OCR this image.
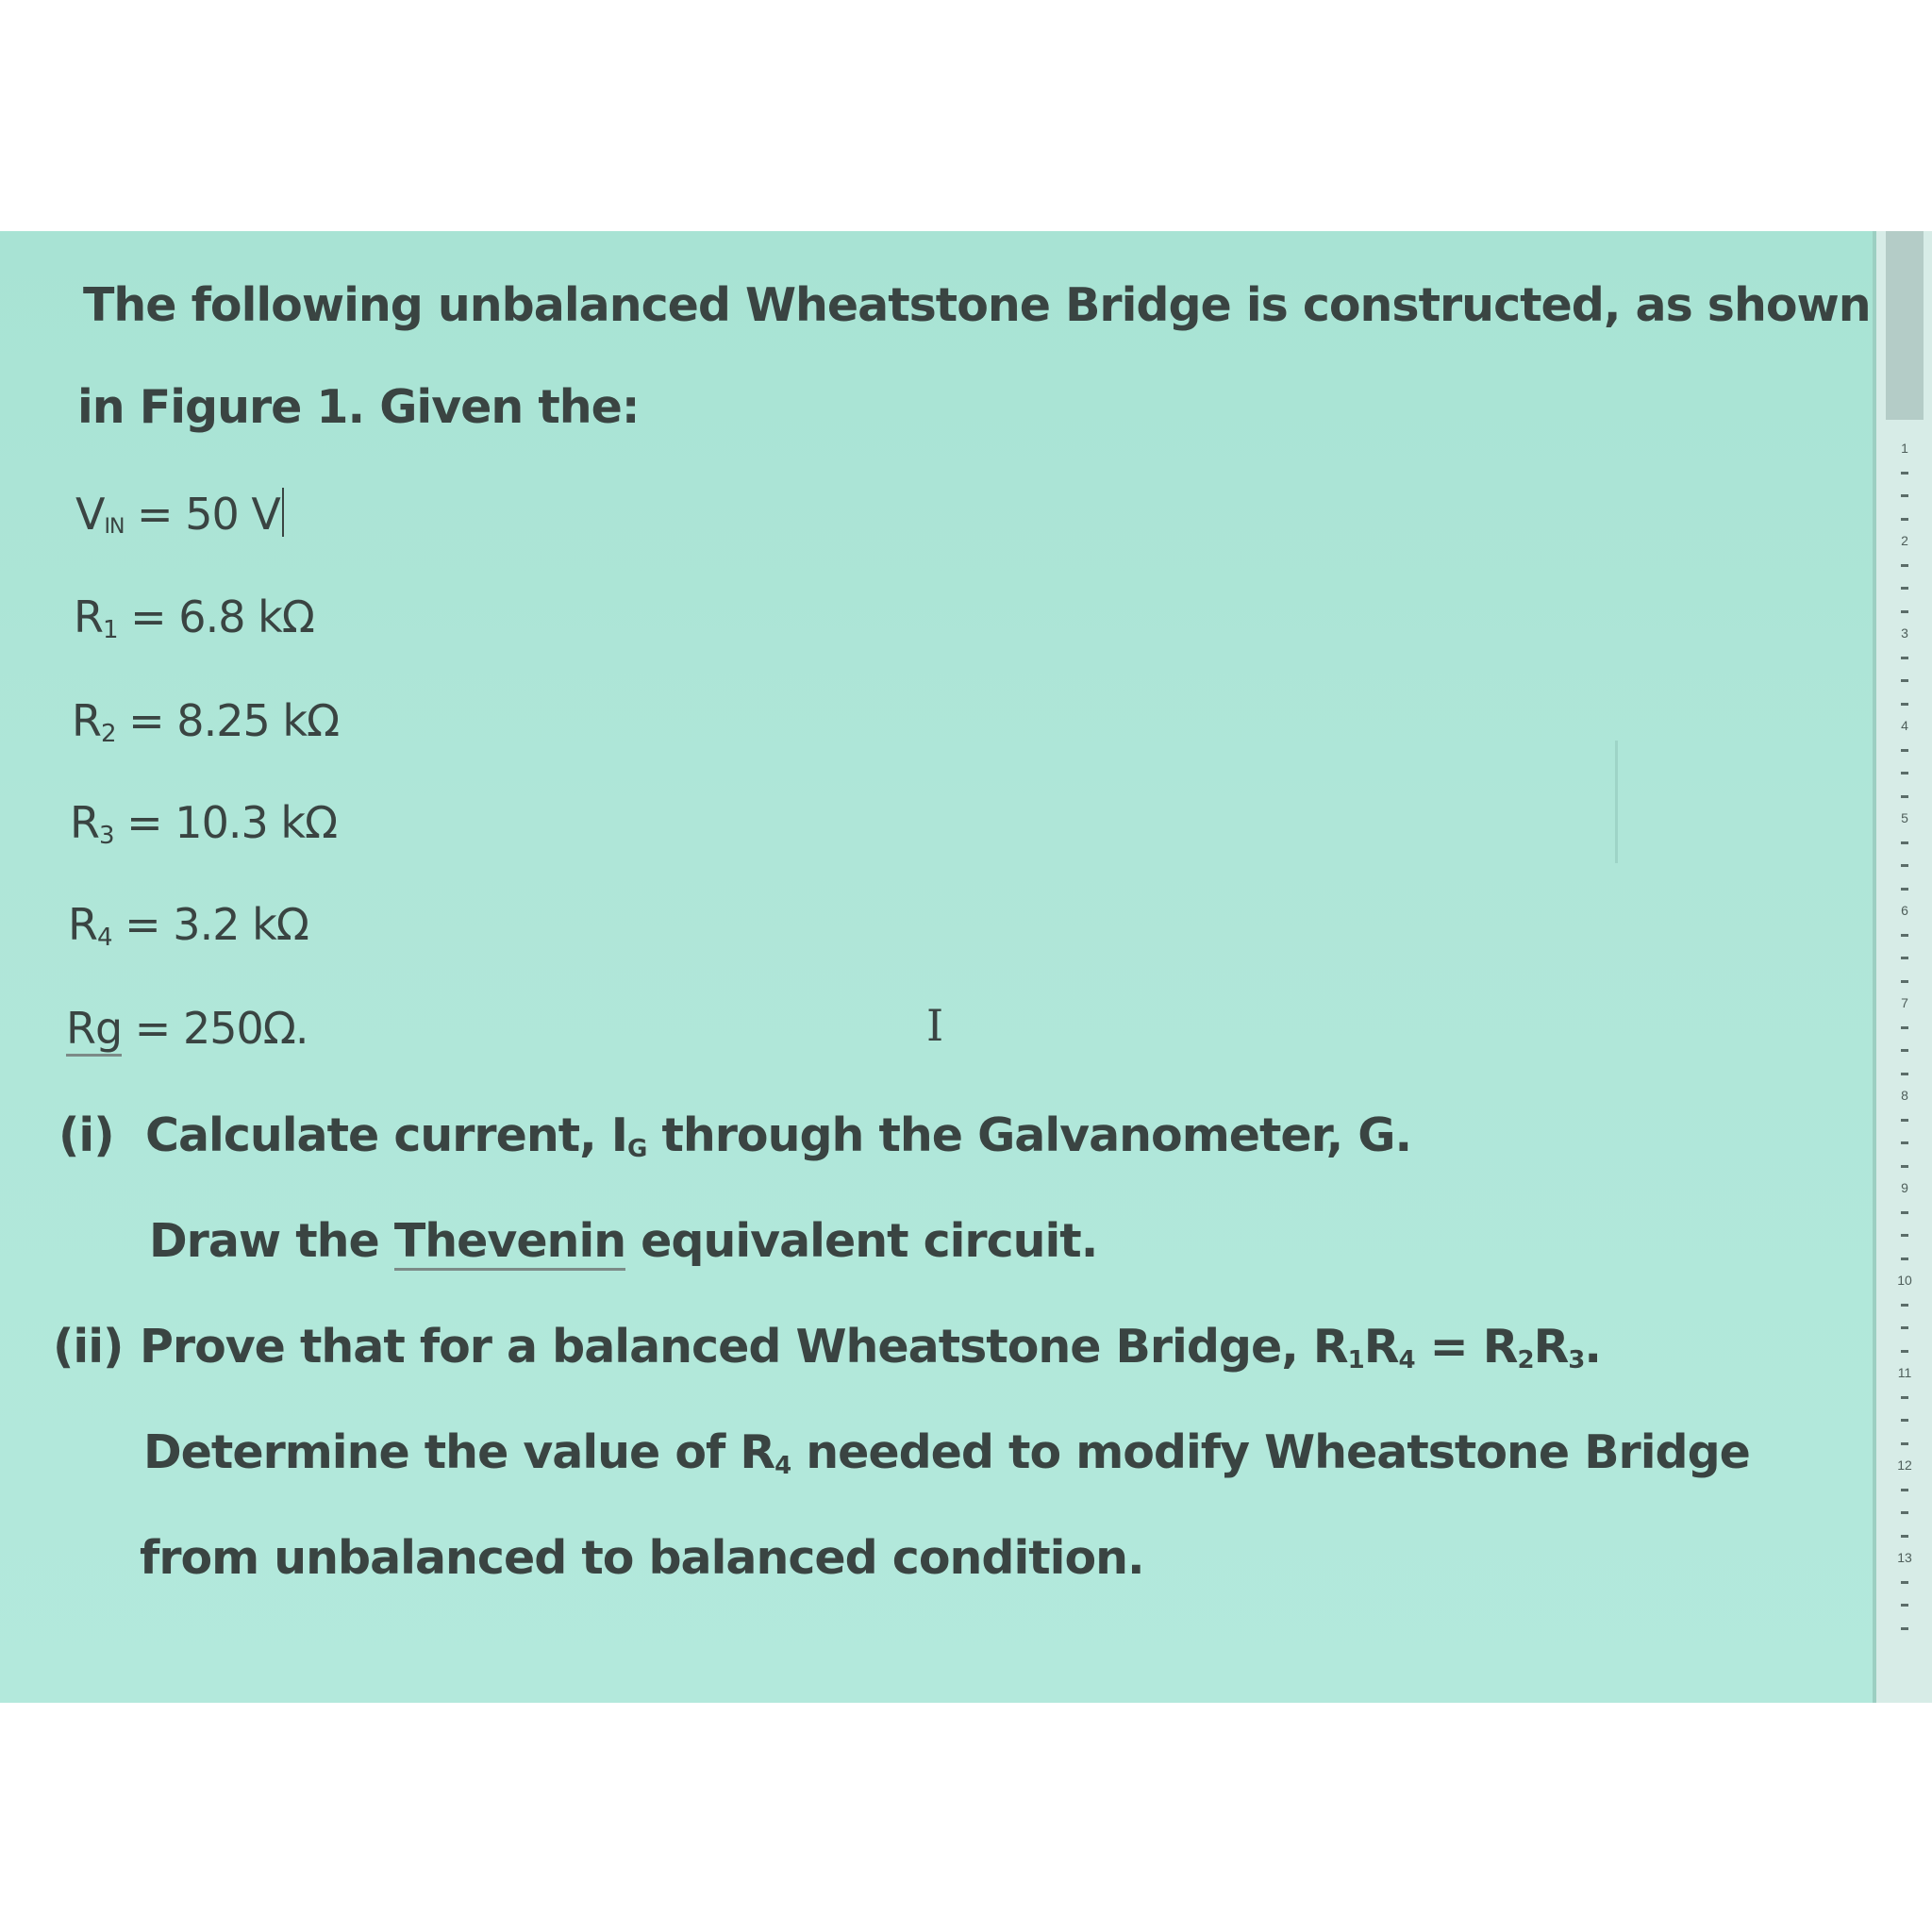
The following unbalanced Wheatstone Bridge is constructed, as shown
in Figure 1. Given the:
VIN = 50 V
$R_1 = 6.8$ kΩ
$R_2 = 8.25$ kΩ
$R_3 = 10.3$ kΩ
$R_4 = 3.2$ kΩ
Rg = 250Ω.
(i) Calculate current, $I_G$ through the Galvanometer, G.
Draw the Thevenin equivalent circuit.
(ii) Prove that for a balanced Wheatstone Bridge, $R_1R_4 = R_2R_3$.
Determine the value of $R_4$ needed to modify Wheatstone Bridge
from unbalanced to balanced condition.
I
1
2
3
4
5
6
7
8
9
10
11
12
13
